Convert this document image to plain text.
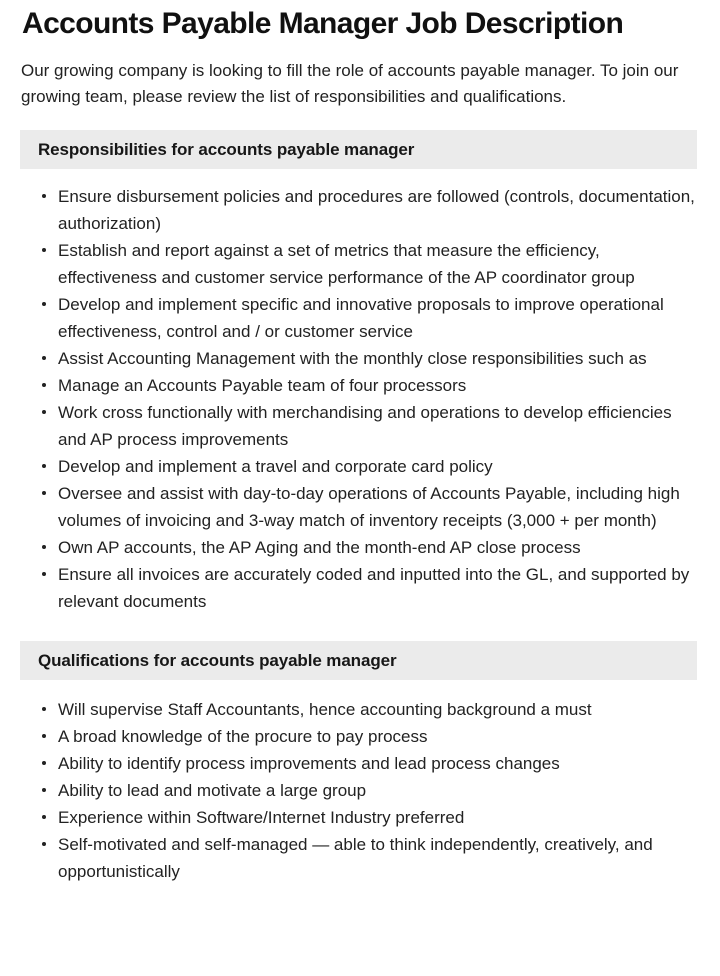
Accounts Payable Manager Job Description

Our growing company is looking to fill the role of accounts payable manager. To join our growing team, please review the list of responsibilities and qualifications.

Responsibilities for accounts payable manager
Ensure disbursement policies and procedures are followed (controls, documentation, authorization)
Establish and report against a set of metrics that measure the efficiency, effectiveness and customer service performance of the AP coordinator group
Develop and implement specific and innovative proposals to improve operational effectiveness, control and / or customer service
Assist Accounting Management with the monthly close responsibilities such as
Manage an Accounts Payable team of four processors
Work cross functionally with merchandising and operations to develop efficiencies and AP process improvements
Develop and implement a travel and corporate card policy
Oversee and assist with day-to-day operations of Accounts Payable, including high volumes of invoicing and 3-way match of inventory receipts (3,000 + per month)
Own AP accounts, the AP Aging and the month-end AP close process
Ensure all invoices are accurately coded and inputted into the GL, and supported by relevant documents
Qualifications for accounts payable manager
Will supervise Staff Accountants, hence accounting background a must
A broad knowledge of the procure to pay process
Ability to identify process improvements and lead process changes
Ability to lead and motivate a large group
Experience within Software/Internet Industry preferred
Self-motivated and self-managed — able to think independently, creatively, and opportunistically
